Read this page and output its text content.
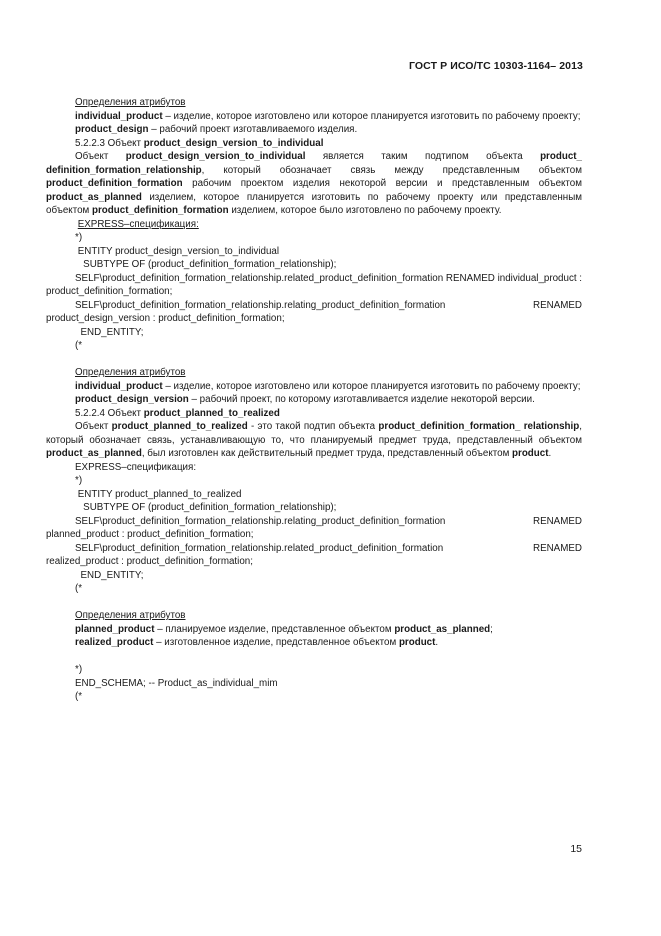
ГОСТ Р ИСО/ТС 10303-1164– 2013

Определения атрибутов

individual_product – изделие, которое изготовлено или которое планируется изготовить по рабочему проекту;

product_design – рабочий проект изготавливаемого изделия.

5.2.2.3 Объект product_design_version_to_individual

Объект product_design_version_to_individual является таким подтипом объекта product_ definition_formation_relationship, который обозначает связь между представленным объектом product_definition_formation рабочим проектом изделия некоторой версии и представленным объектом product_as_planned изделием, которое планируется изготовить по рабочему проекту или представленным объектом product_definition_formation изделием, которое было изготовлено по рабочему проекту.

EXPRESS–спецификация:

*)

ENTITY product_design_version_to_individual

SUBTYPE OF (product_definition_formation_relationship);

SELF\product_definition_formation_relationship.related_product_definition_formation RENAMED individual_product : product_definition_formation;

SELF\product_definition_formation_relationship.relating_product_definition_formation RENAMED product_design_version : product_definition_formation;

END_ENTITY;

(*

Определения атрибутов

individual_product – изделие, которое изготовлено или которое планируется изготовить по рабочему проекту;

product_design_version – рабочий проект, по которому изготавливается изделие некоторой версии.

5.2.2.4 Объект product_planned_to_realized

Объект product_planned_to_realized - это такой подтип объекта product_definition_formation_ relationship, который обозначает связь, устанавливающую то, что планируемый предмет труда, представленный объектом product_as_planned, был изготовлен как действительный предмет труда, представленный объектом product.

EXPRESS–спецификация:

*)

ENTITY product_planned_to_realized

SUBTYPE OF (product_definition_formation_relationship);

SELF\product_definition_formation_relationship.relating_product_definition_formation	RENAMED

planned_product : product_definition_formation;

SELF\product_definition_formation_relationship.related_product_definition_formation	RENAMED

realized_product : product_definition_formation;

END_ENTITY;

(*

Определения атрибутов

planned_product – планируемое изделие, представленное объектом product_as_planned;

realized_product – изготовленное изделие, представленное объектом product.

*)

END_SCHEMA; -- Product_as_individual_mim

(*

15
